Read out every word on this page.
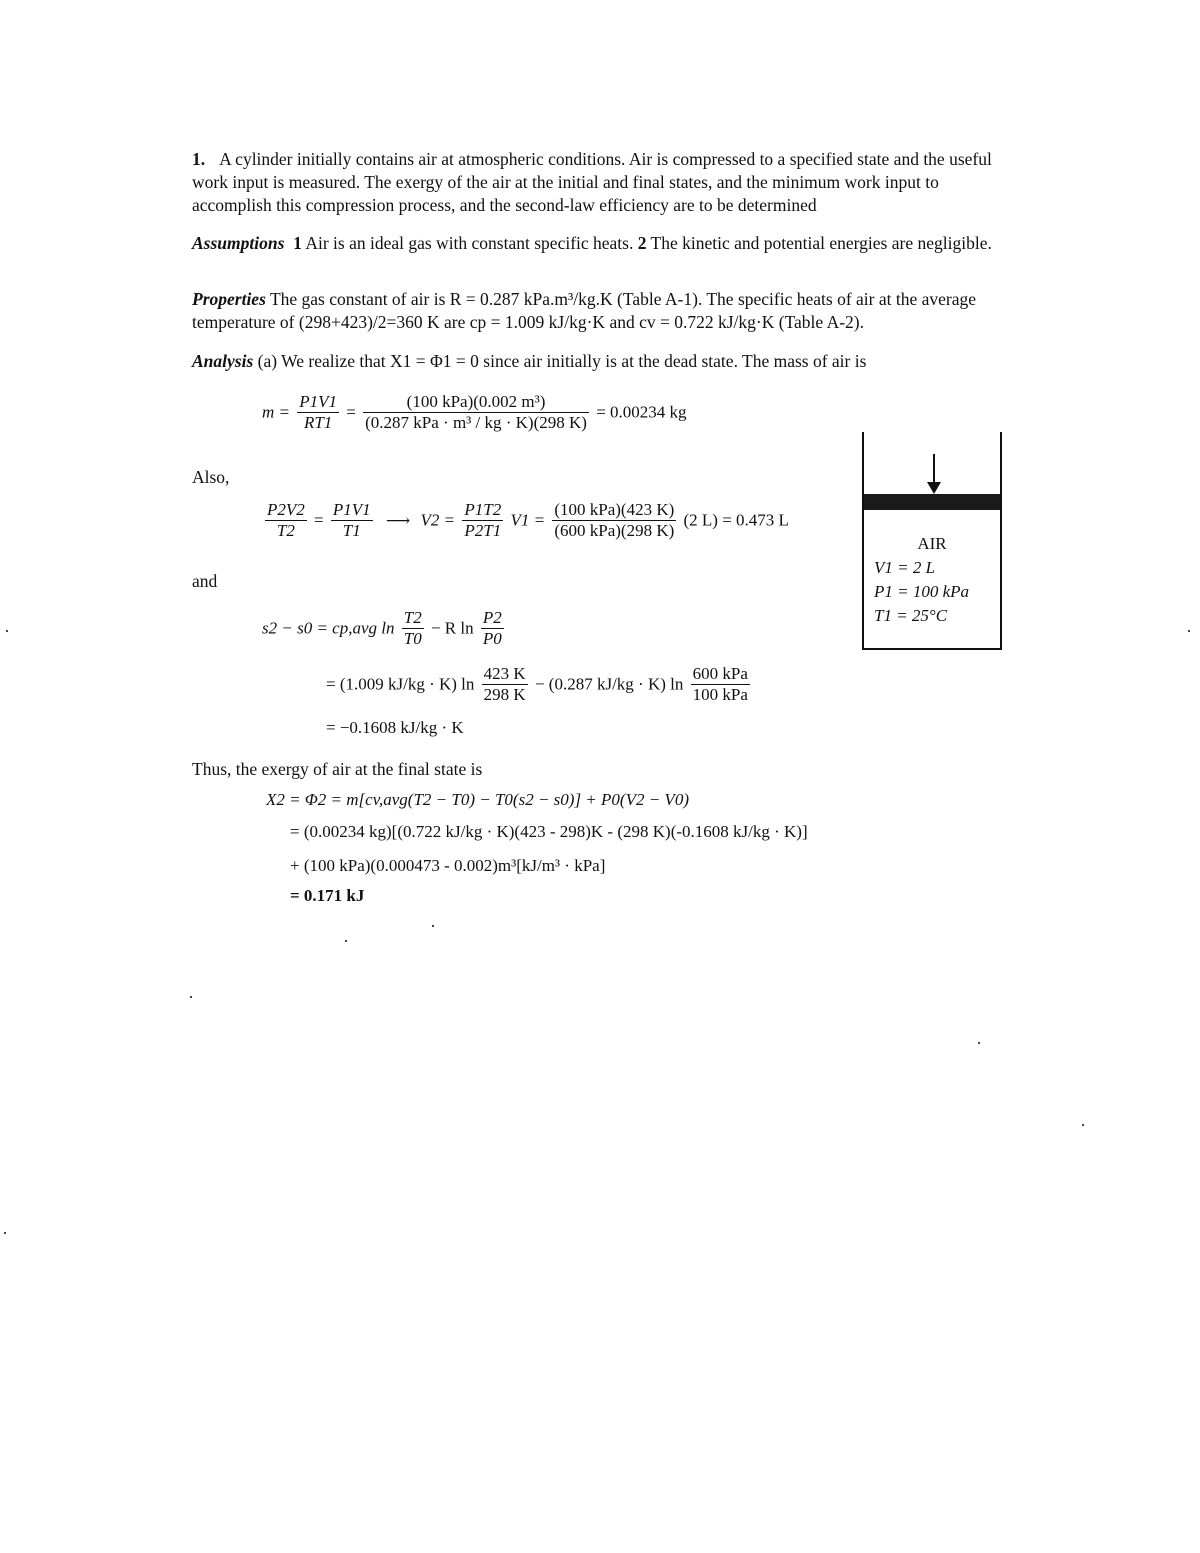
1. A cylinder initially contains air at atmospheric conditions. Air is compressed to a specified state and the useful work input is measured. The exergy of the air at the initial and final states, and the minimum work input to accomplish this compression process, and the second-law efficiency are to be determined
Assumptions 1 Air is an ideal gas with constant specific heats. 2 The kinetic and potential energies are negligible.
Properties The gas constant of air is R = 0.287 kPa.m³/kg.K (Table A-1). The specific heats of air at the average temperature of (298+423)/2=360 K are cp = 1.009 kJ/kg·K and cv = 0.722 kJ/kg·K (Table A-2).
Analysis (a) We realize that X1 = Φ1 = 0 since air initially is at the dead state. The mass of air is
$m = \frac{P1V1}{RT1}$ =
(100 kPa)(0.002 m³)
(0.287 kPa · m³ / kg · K)(298 K)
= 0.00234 kg
Also,
$\frac{P2V2}{T2} = \frac{P1V1}{T1}$ ⟶ $V2 = \frac{P1T2}{P2T1} V1$ =
(100 kPa)(423 K)
(600 kPa)(298 K)
(2 L) = 0.473 L
and
s2 − s0 = cp,avg $\ln \frac{T2}{T0} - R$ $\ln \frac{P2}{P0}$
= (1.009 kJ/kg · K) $\ln \frac{423 K}{298 K} - (0.287$ kJ/kg · K) ln
600 kPa
100 kPa
= −0.1608 kJ/kg · K
Thus, the exergy of air at the final state is
X2 = Φ2 = m[cv,avg(T2 − T0) − T0(s2 − s0)] + P0(V2 − V0)
= (0.00234 kg)[(0.722 kJ/kg · K)(423 - 298)K - (298 K)(-0.1608 kJ/kg · K)]
+ (100 kPa)(0.000473 - 0.002)m³[kJ/m³ · kPa]
= 0.171 kJ
AIR
V1 = 2 L
P1 = 100 kPa
T1 = 25°C
